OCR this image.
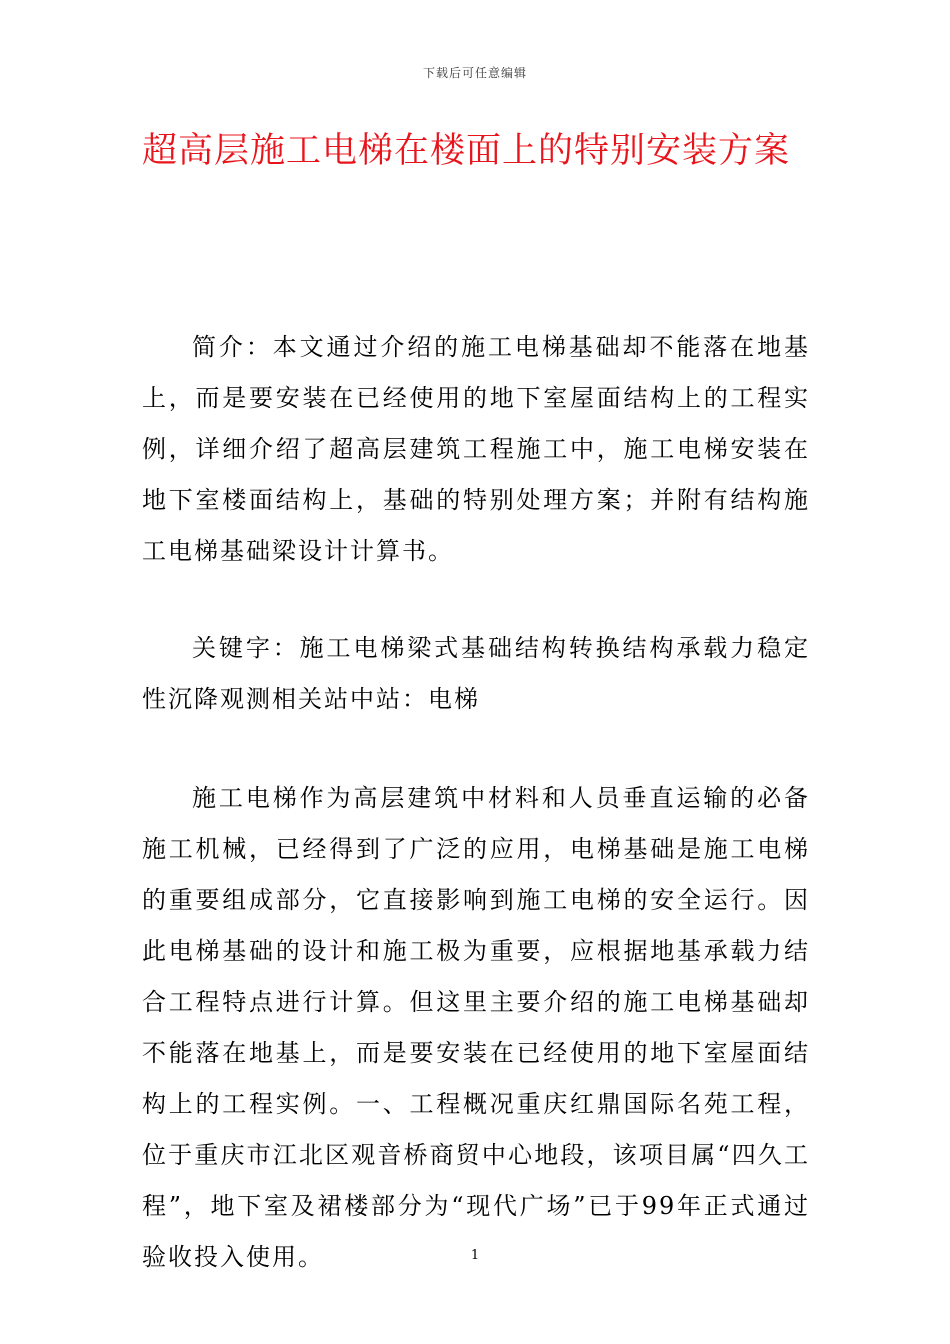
下载后可任意编辑
超高层施工电梯在楼面上的特别安装方案

简介：本文通过介绍的施工电梯基础却不能落在地基上，而是要安装在已经使用的地下室屋面结构上的工程实例，详细介绍了超高层建筑工程施工中，施工电梯安装在地下室楼面结构上，基础的特别处理方案；并附有结构施工电梯基础梁设计计算书。

关键字：施工电梯梁式基础结构转换结构承载力稳定性沉降观测相关站中站：电梯

施工电梯作为高层建筑中材料和人员垂直运输的必备施工机械，已经得到了广泛的应用，电梯基础是施工电梯的重要组成部分，它直接影响到施工电梯的安全运行。因此电梯基础的设计和施工极为重要，应根据地基承载力结合工程特点进行计算。但这里主要介绍的施工电梯基础却不能落在地基上，而是要安装在已经使用的地下室屋面结构上的工程实例。一、工程概况重庆红鼎国际名苑工程，位于重庆市江北区观音桥商贸中心地段，该项目属“四久工程”，地下室及裙楼部分为“现代广场”已于99年正式通过验收投入使用。	1
